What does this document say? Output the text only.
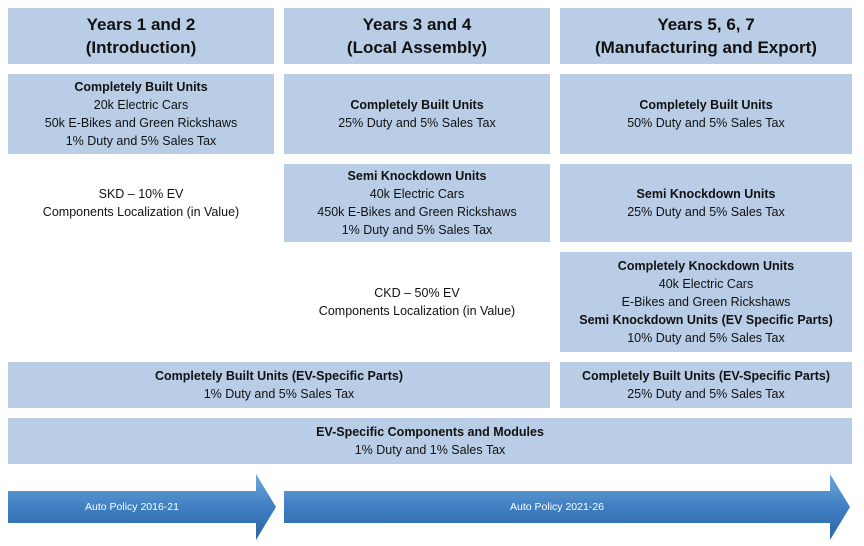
Years 1 and 2
(Introduction)
Years 3 and 4
(Local Assembly)
Years 5, 6, 7
(Manufacturing and Export)
Completely Built Units
20k Electric Cars
50k E-Bikes and Green Rickshaws
1% Duty and 5% Sales Tax
Completely Built Units
25% Duty and 5% Sales Tax
Completely Built Units
50% Duty and 5% Sales Tax
SKD – 10% EV
Components Localization (in Value)
Semi Knockdown Units
40k Electric Cars
450k E-Bikes and Green Rickshaws
1% Duty and 5% Sales Tax
Semi Knockdown Units
25% Duty and 5% Sales Tax
CKD – 50% EV
Components Localization (in Value)
Completely Knockdown Units
40k Electric Cars
E-Bikes and Green Rickshaws
Semi Knockdown Units (EV Specific Parts)
10% Duty and 5% Sales Tax
Completely Built Units (EV-Specific Parts)
1% Duty and 5% Sales Tax
Completely Built Units (EV-Specific Parts)
25% Duty and 5% Sales Tax
EV-Specific Components and Modules
1% Duty and 1% Sales Tax
Auto Policy 2016-21	Auto Policy 2021-26
